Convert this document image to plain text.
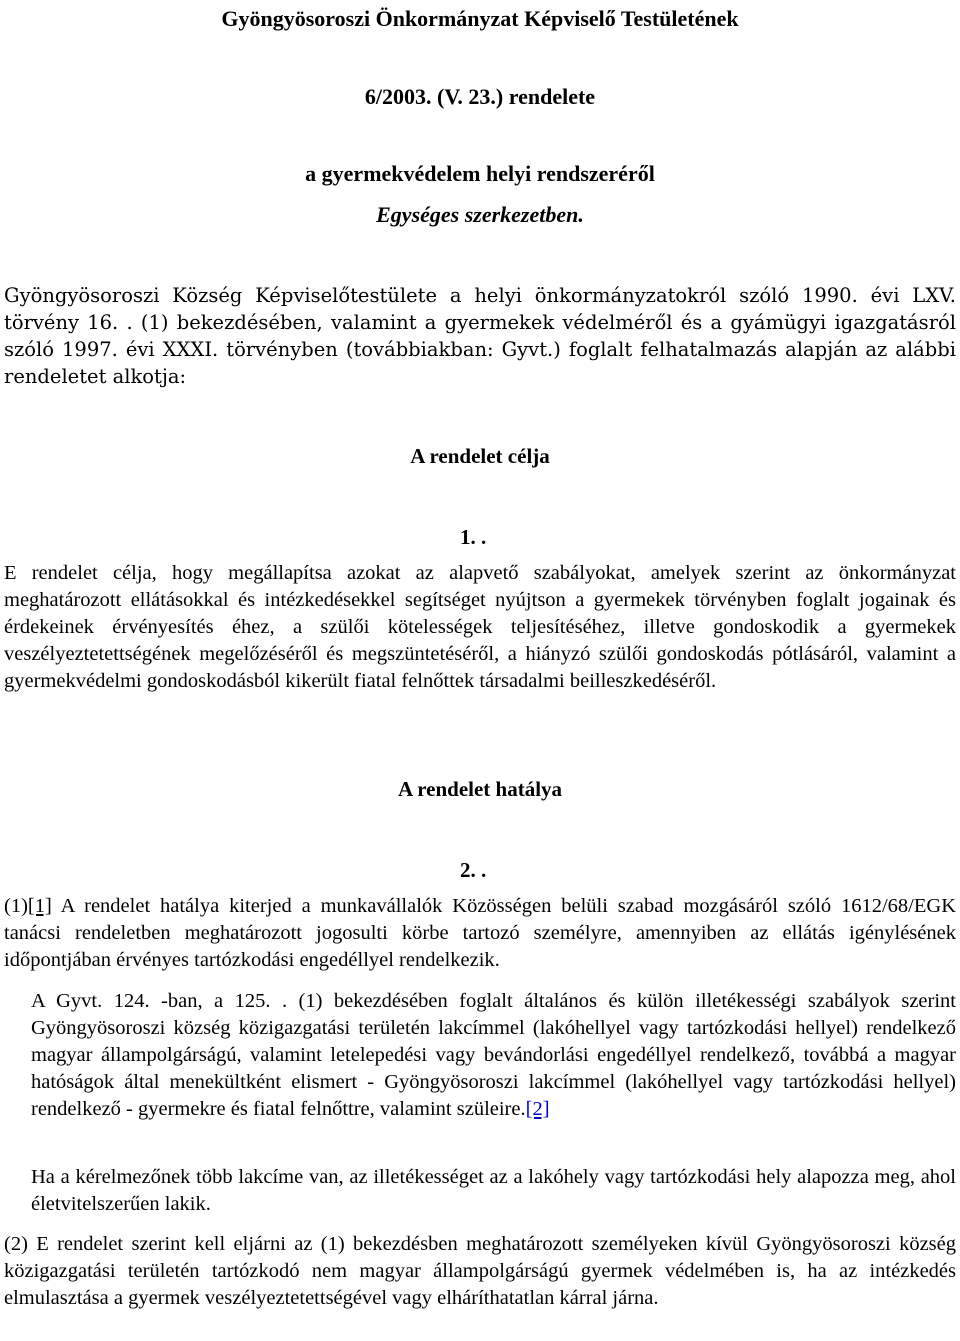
Gyöngyösoroszi Önkormányzat Képviselő Testületének

6/2003. (V. 23.) rendelete

a gyermekvédelem helyi rendszeréről

Egységes szerkezetben.

Gyöngyösoroszi Község Képviselőtestülete a helyi önkormányzatokról szóló 1990. évi LXV.

törvény 16. . (1) bekezdésében, valamint a gyermekek védelméről és a gyámügyi igazgatásról

szóló 1997. évi XXXI. törvényben (továbbiakban: Gyvt.) foglalt felhatalmazás alapján az alábbi

rendeletet alkotja:

A rendelet célja

1. .

E rendelet célja, hogy megállapítsa azokat az alapvető szabályokat, amelyek szerint az önkormányzat meghatározott ellátásokkal és intézkedésekkel segítséget nyújtson a gyermekek törvényben foglalt jogainak és érdekeinek érvényesítés éhez, a szülői kötelességek teljesítéséhez, illetve gondoskodik a gyermekek veszélyeztetettségének megelőzéséről és megszüntetéséről, a hiányzó szülői gondoskodás pótlásáról, valamint a gyermekvédelmi gondoskodásból kikerült fiatal felnőttek társadalmi beilleszkedéséről.

A rendelet hatálya

2. .

(1)[1] A rendelet hatálya kiterjed a munkavállalók Közösségen belüli szabad mozgásáról szóló 1612/68/EGK tanácsi rendeletben meghatározott jogosulti körbe tartozó személyre, amennyiben az ellátás igénylésének időpontjában érvényes tartózkodási engedéllyel rendelkezik.

A Gyvt. 124. -ban, a 125. . (1) bekezdésében foglalt általános és külön illetékességi szabályok szerint Gyöngyösoroszi község közigazgatási területén lakcímmel (lakóhellyel vagy tartózkodási hellyel) rendelkező magyar állampolgárságú, valamint letelepedési vagy bevándorlási engedéllyel rendelkező, továbbá a magyar hatóságok által menekültként elismert - Gyöngyösoroszi lakcímmel (lakóhellyel vagy tartózkodási hellyel) rendelkező - gyermekre és fiatal felnőttre, valamint szüleire.[2]

Ha a kérelmezőnek több lakcíme van, az illetékességet az a lakóhely vagy tartózkodási hely alapozza meg, ahol életvitelszerűen lakik.

(2) E rendelet szerint kell eljárni az (1) bekezdésben meghatározott személyeken kívül Gyöngyösoroszi község közigazgatási területén tartózkodó nem magyar állampolgárságú gyermek védelmében is, ha az intézkedés elmulasztása a gyermek veszélyeztetettségével vagy elháríthatatlan kárral járna.
